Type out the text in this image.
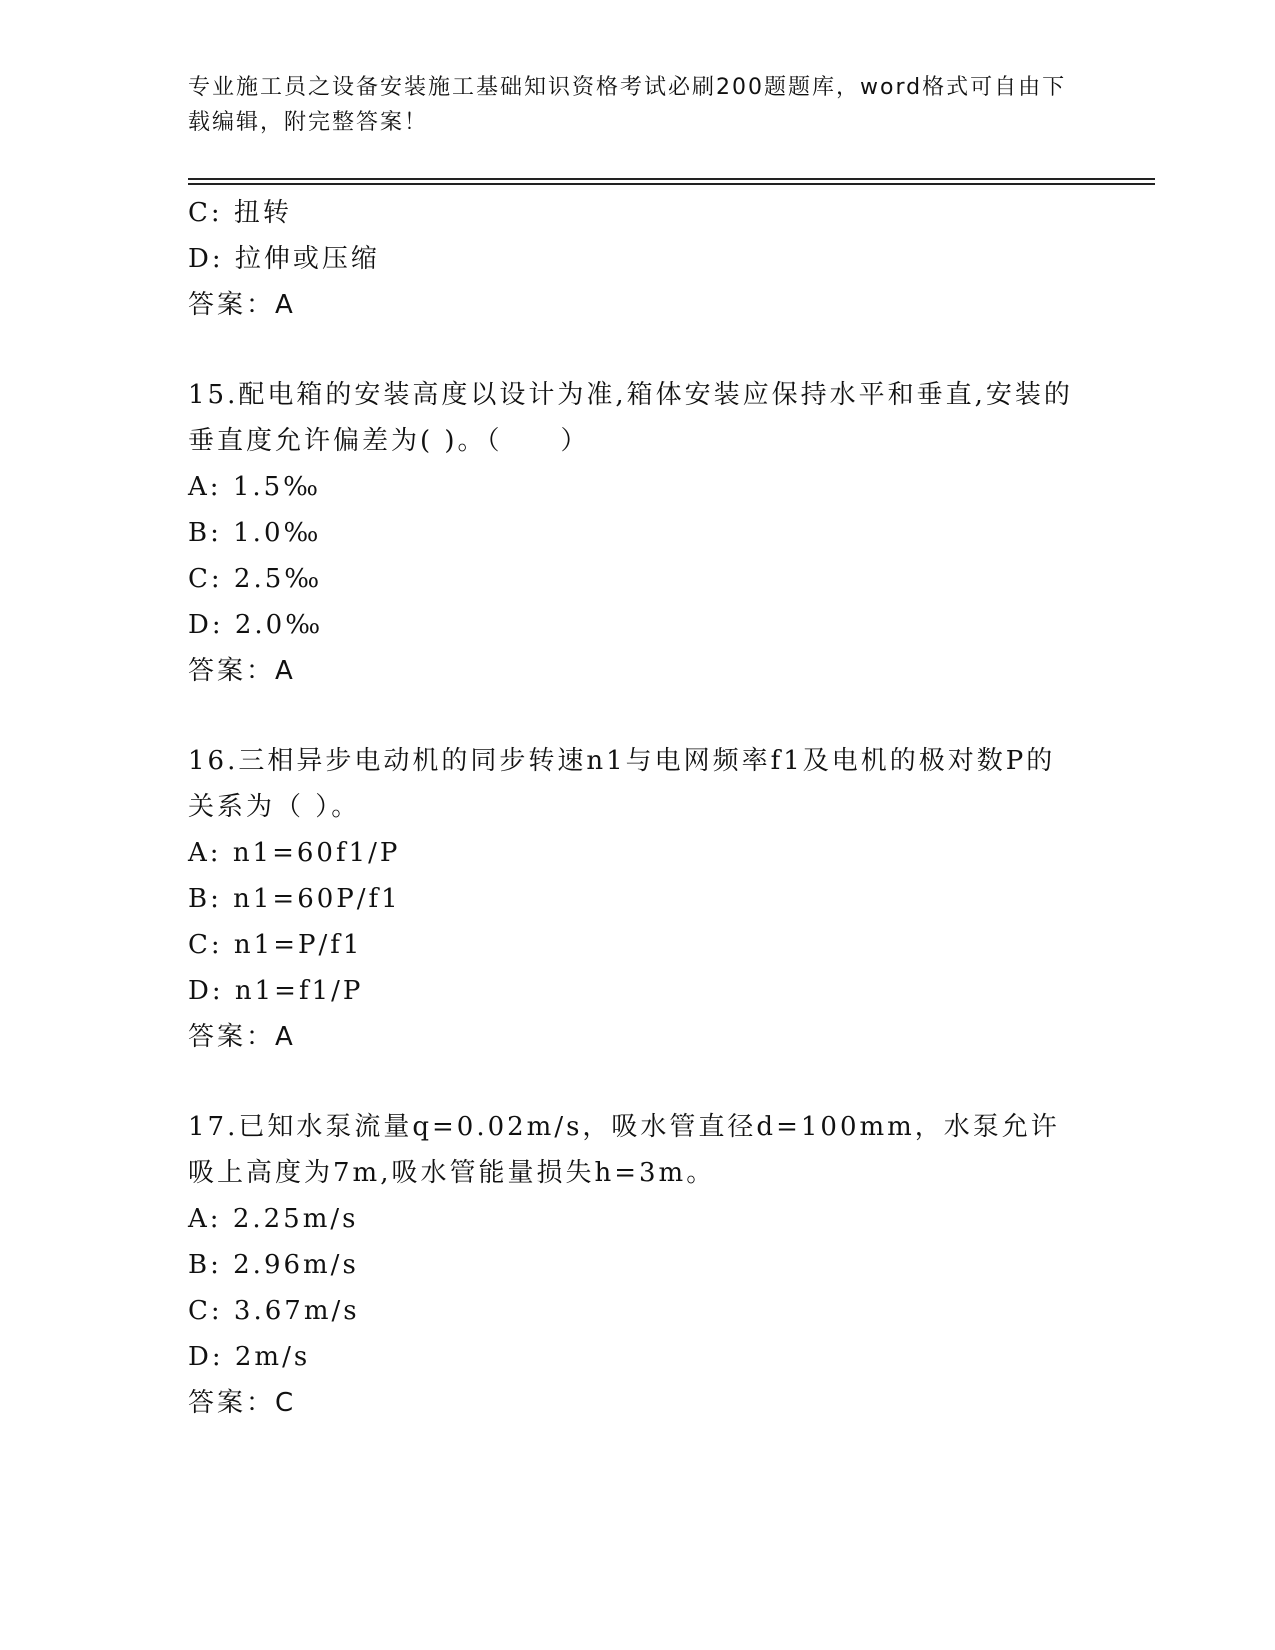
专业施工员之设备安装施工基础知识资格考试必刷200题题库，word格式可自由下载编辑，附完整答案！
C: 扭转
D: 拉伸或压缩
答案：A
15.配电箱的安装高度以设计为准,箱体安装应保持水平和垂直,安装的垂直度允许偏差为( )。（　　）
A: 1.5‰
B: 1.0‰
C: 2.5‰
D: 2.0‰
答案：A
16.三相异步电动机的同步转速n1与电网频率f1及电机的极对数P的关系为（ ）。
A: n1=60f1/P
B: n1=60P/f1
C: n1=P/f1
D: n1=f1/P
答案：A
17.已知水泵流量q=0.02m/s，吸水管直径d=100mm，水泵允许吸上高度为7m,吸水管能量损失h=3m。
A: 2.25m/s
B: 2.96m/s
C: 3.67m/s
D: 2m/s
答案：C
